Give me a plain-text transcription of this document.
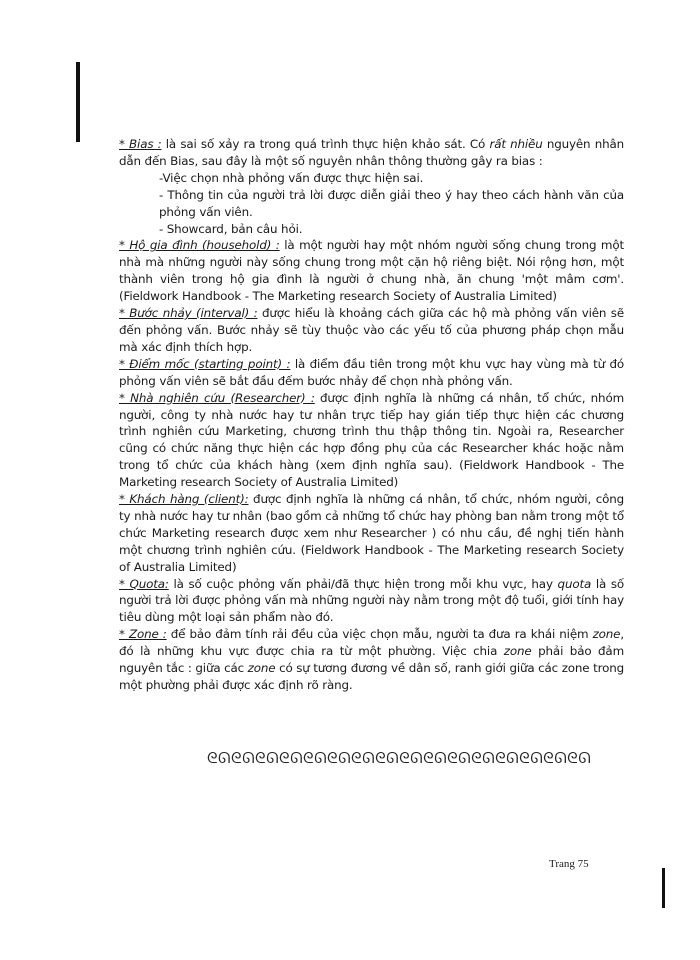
* Bias : là sai số xảy ra trong quá trình thực hiện khảo sát. Có rất nhiều nguyên nhân dẫn đến Bias, sau đây là một số nguyên nhân thông thường gây ra bias :

-Việc chọn nhà phỏng vấn được thực hiện sai.

- Thông tin của người trả lời được diễn giải theo ý hay theo cách hành văn của phỏng vấn viên.

- Showcard, bản câu hỏi.

* Hộ gia đình (household) : là một người hay một nhóm người sống chung trong một nhà mà những người này sống chung trong một cặn hộ riêng biệt. Nói rộng hơn, một thành viên trong hộ gia đình là người ở chung nhà, ăn chung 'một mâm cơm'.(Fieldwork Handbook - The Marketing research Society of Australia Limited)

* Bước nhảy (interval) : được hiểu là khoảng cách giữa các hộ mà phỏng vấn viên sẽ đến phỏng vấn. Bước nhảy sẽ tùy thuộc vào các yếu tố của phương pháp chọn mẫu mà xác định thích hợp.

* Điểm mốc (starting point) : là điểm đầu tiên trong một khu vực hay vùng mà từ đó phỏng vấn viên sẽ bắt đầu đếm bước nhảy để chọn nhà phỏng vấn.

* Nhà nghiên cứu (Researcher) : được định nghĩa là những cá nhân, tổ chức, nhóm người, công ty nhà nước hay tư nhân trực tiếp hay gián tiếp thực hiện các chương trình nghiên cứu Marketing, chương trình thu thập thông tin. Ngoài ra, Researcher cũng có chức năng thực hiện các hợp đồng phụ của các Researcher khác hoặc nằm trong tổ chức của khách hàng (xem định nghĩa sau). (Fieldwork Handbook - The Marketing research Society of Australia Limited)

* Khách hàng (client): được định nghĩa là những cá nhân, tổ chức, nhóm người, công ty nhà nước hay tư nhân (bao gồm cả những tổ chức hay phòng ban nằm trong một tổ chức Marketing research được xem như Researcher ) có nhu cầu, đề nghị tiến hành một chương trình nghiên cứu. (Fieldwork Handbook - The Marketing research Society of Australia Limited)

* Quota: là số cuộc phỏng vấn phải/đã thực hiện trong mỗi khu vực, hay quota là số người trả lời được phỏng vấn mà những người này nằm trong một độ tuổi, giới tính hay tiêu dùng một loại sản phẩm nào đó.

* Zone : để bảo đảm tính rải đều của việc chọn mẫu, người ta đưa ra khái niệm zone, đó là những khu vực được chia ra từ một phường. Việc chia zone phải bảo đảm nguyên tắc : giữa các zone có sự tương đương về dân số, ranh giới giữa các zone trong một phường phải được xác định rõ ràng.

ᘓᘏᘓᘏᘓᘏᘓᘏᘓᘏᘓᘏᘓᘏᘓᘏᘓᘏᘓᘏᘓᘏᘓᘏᘓᘏᘓᘏᘓᘏᘓᘏ
Trang 75
